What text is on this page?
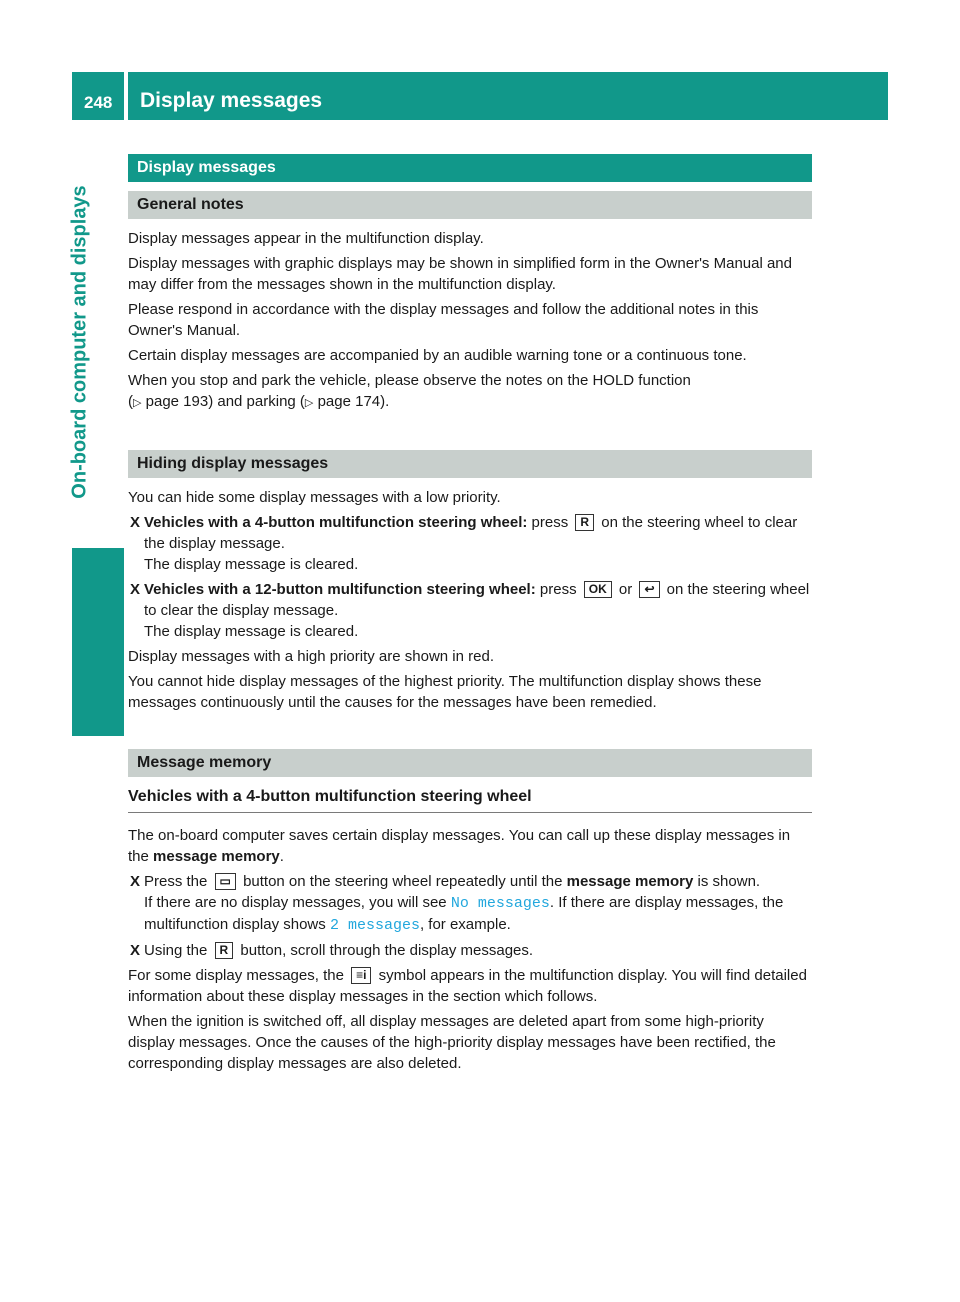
248 Display messages
On-board computer and displays
Display messages
General notes

Display messages appear in the multifunction display.

Display messages with graphic displays may be shown in simplified form in the Owner's Manual and may differ from the messages shown in the multifunction display.

Please respond in accordance with the display messages and follow the additional notes in this Owner's Manual.

Certain display messages are accompanied by an audible warning tone or a continuous tone.

When you stop and park the vehicle, please observe the notes on the HOLD function
(▷ page 193) and parking (▷ page 174).

Hiding display messages

You can hide some display messages with a low priority.

X Vehicles with a 4-button multifunction steering wheel: press R on the steering wheel to clear the display message.
The display message is cleared.

X Vehicles with a 12-button multifunction steering wheel: press OK or ↩ on the steering wheel to clear the display message.
The display message is cleared.

Display messages with a high priority are shown in red.

You cannot hide display messages of the highest priority. The multifunction display shows these messages continuously until the causes for the messages have been remedied.

Message memory
Vehicles with a 4-button multifunction steering wheel

The on-board computer saves certain display messages. You can call up these display messages in the message memory.

X Press the ▭ button on the steering wheel repeatedly until the message memory is shown.
If there are no display messages, you will see No messages. If there are display messages, the multifunction display shows 2 messages, for example.

X Using the R button, scroll through the display messages.

For some display messages, the ≡i symbol appears in the multifunction display. You will find detailed information about these display messages in the section which follows.

When the ignition is switched off, all display messages are deleted apart from some high-priority display messages. Once the causes of the high-priority display messages have been rectified, the corresponding display messages are also deleted.
